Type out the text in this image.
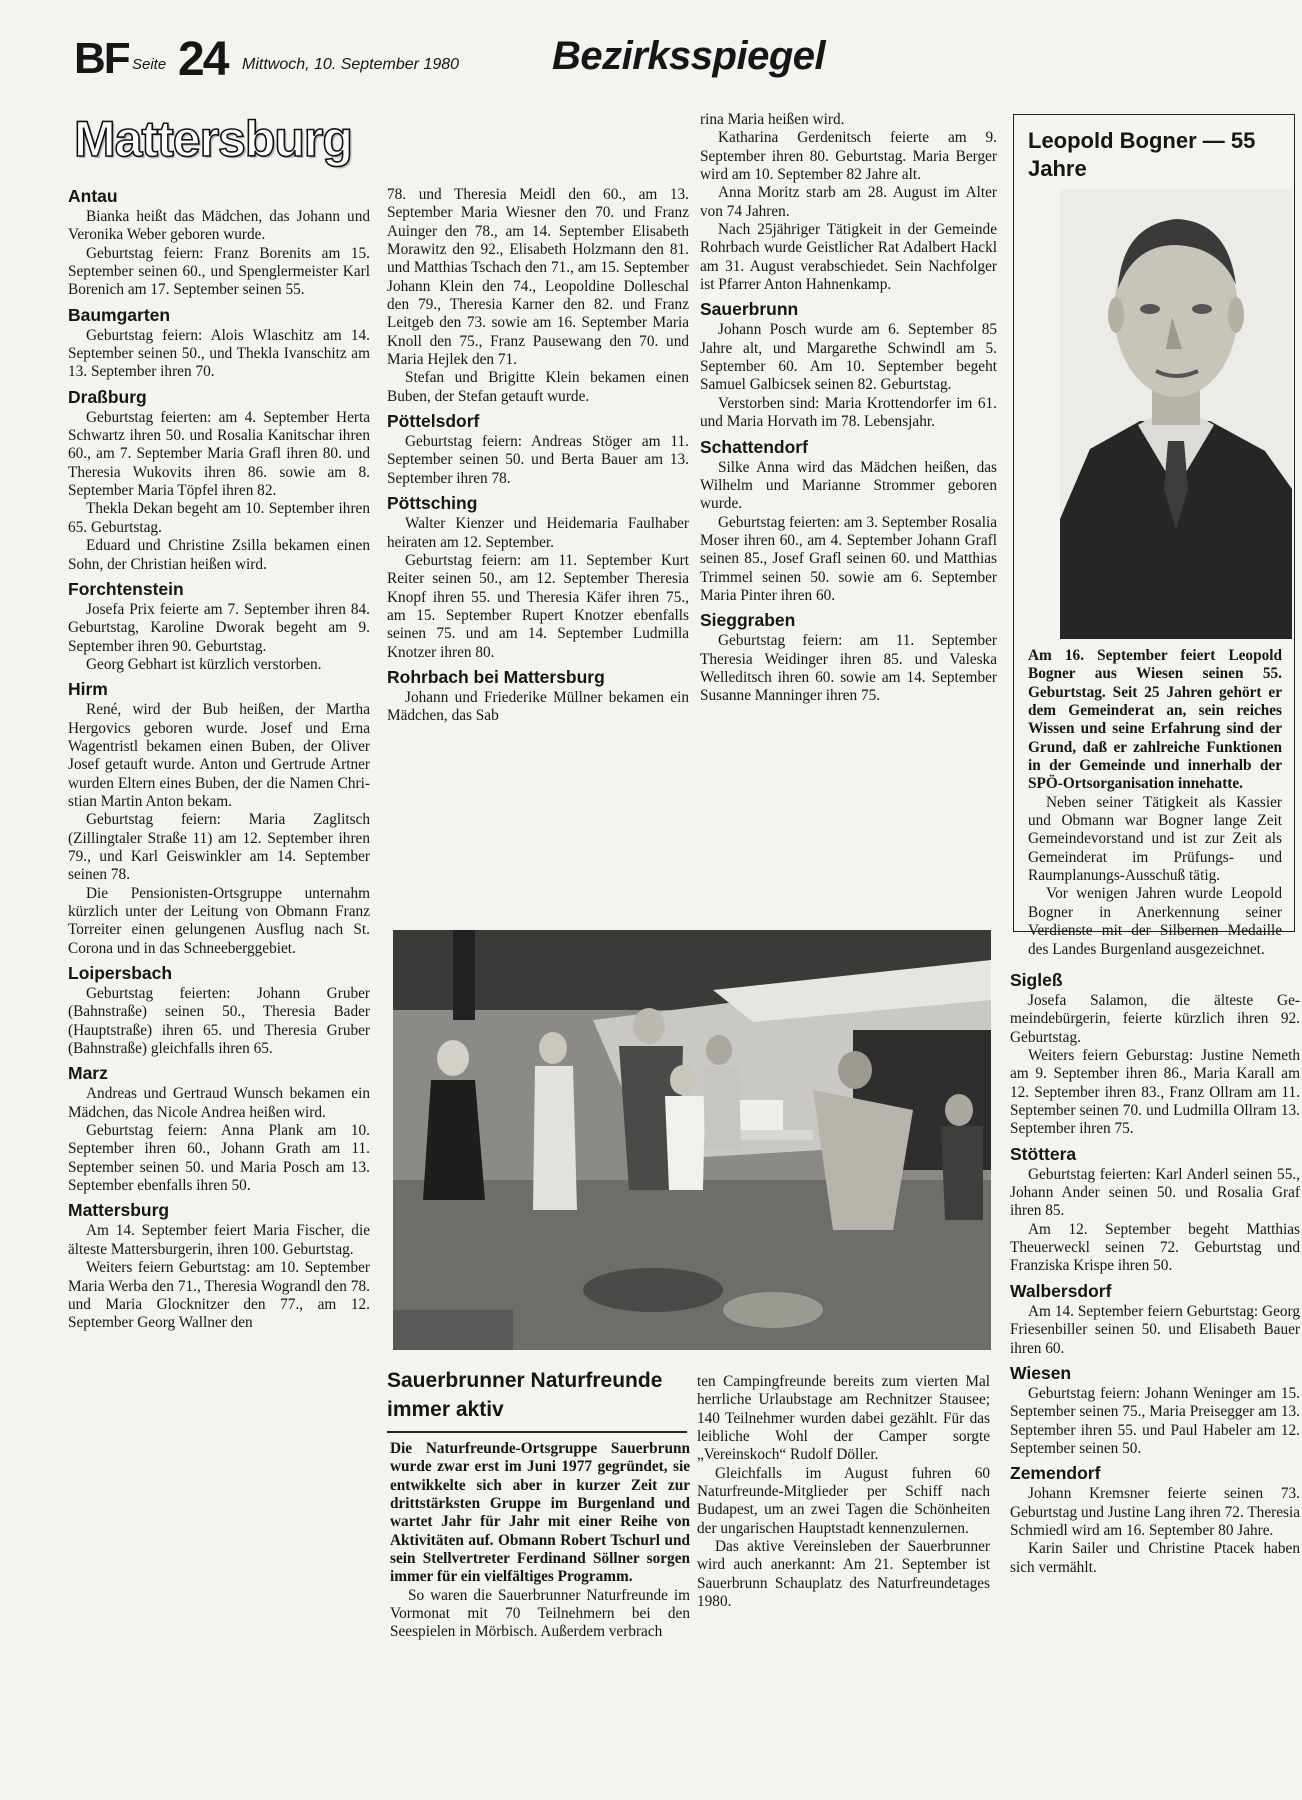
BF Seite 24 Mittwoch, 10. September 1980 Bezirksspiegel
Mattersburg
Antau

Bianka heißt das Mädchen, das Johann und Veronika Weber geboren wurde.

Geburtstag feiern: Franz Borenits am 15. September seinen 60., und Spenglermeister Karl Borenich am 17. September seinen 55.

Baumgarten

Geburtstag feiern: Alois Wlaschitz am 14. September seinen 50., und Thekla Ivanschitz am 13. September ihren 70.

Draßburg

Geburtstag feierten: am 4. September Herta Schwartz ihren 50. und Rosalia Kanitschar ihren 60., am 7. September Maria Grafl ihren 80. und Theresia Wukovits ihren 86. sowie am 8. September Maria Töpfel ihren 82.

Thekla Dekan begeht am 10. September ihren 65. Geburtstag.

Eduard und Christine Zsilla bekamen einen Sohn, der Christian heißen wird.

Forchtenstein

Josefa Prix feierte am 7. September ihren 84. Geburtstag, Karoline Dworak begeht am 9. September ihren 90. Geburtstag.

Georg Gebhart ist kürzlich verstorben.

Hirm

René, wird der Bub heißen, der Martha Hergovics geboren wurde. Josef und Erna Wagentristl bekamen einen Buben, der Oliver Josef getauft wurde. Anton und Gertrude Artner wurden Eltern eines Buben, der die Namen Christian Martin Anton bekam.

Geburtstag feiern: Maria Zaglitsch (Zillingtaler Straße 11) am 12. September ihren 79., und Karl Geiswinkler am 14. September seinen 78.

Die Pensionisten-Ortsgruppe unternahm kürzlich unter der Leitung von Obmann Franz Torreiter einen gelungenen Ausflug nach St. Corona und in das Schneeberggebiet.

Loipersbach

Geburtstag feierten: Johann Gruber (Bahnstraße) seinen 50., Theresia Bader (Hauptstraße) ihren 65. und Theresia Gruber (Bahnstraße) gleichfalls ihren 65.

Marz

Andreas und Gertraud Wunsch bekamen ein Mädchen, das Nicole Andrea heißen wird.

Geburtstag feiern: Anna Plank am 10. September ihren 60., Johann Grath am 11. September seinen 50. und Maria Posch am 13. September ebenfalls ihren 50.

Mattersburg

Am 14. September feiert Maria Fischer, die älteste Mattersburgerin, ihren 100. Geburtstag.

Weiters feiern Geburtstag: am 10. September Maria Werba den 71., Theresia Wograndl den 78. und Maria Glocknitzer den 77., am 12. September Georg Wallner den

78. und Theresia Meidl den 60., am 13. September Maria Wiesner den 70. und Franz Auinger den 78., am 14. September Elisabeth Morawitz den 92., Elisabeth Holzmann den 81. und Matthias Tschach den 71., am 15. September Johann Klein den 74., Leopoldine Dolleschal den 79., Theresia Karner den 82. und Franz Leitgeb den 73. sowie am 16. September Maria Knoll den 75., Franz Pausewang den 70. und Maria Hejlek den 71.

Stefan und Brigitte Klein bekamen einen Buben, der Stefan getauft wurde.

Pöttelsdorf

Geburtstag feiern: Andreas Stöger am 11. September seinen 50. und Berta Bauer am 13. September ihren 78.

Pöttsching

Walter Kienzer und Heidemaria Faulhaber heiraten am 12. September.

Geburtstag feiern: am 11. September Kurt Reiter seinen 50., am 12. September Theresia Knopf ihren 55. und Theresia Käfer ihren 75., am 15. September Rupert Knotzer ebenfalls seinen 75. und am 14. September Ludmilla Knotzer ihren 80.

Rohrbach bei Mattersburg

Johann und Friederike Müllner bekamen ein Mädchen, das Sab

rina Maria heißen wird.

Katharina Gerdenitsch feierte am 9. September ihren 80. Geburtstag. Maria Berger wird am 10. September 82 Jahre alt.

Anna Moritz starb am 28. August im Alter von 74 Jahren.

Nach 25jähriger Tätigkeit in der Gemeinde Rohrbach wurde Geistlicher Rat Adalbert Hackl am 31. August verabschiedet. Sein Nachfolger ist Pfarrer Anton Hahnenkamp.

Sauerbrunn

Johann Posch wurde am 6. September 85 Jahre alt, und Margarethe Schwindl am 5. September 60. Am 10. September begeht Samuel Galbicsek seinen 82. Geburtstag.

Verstorben sind: Maria Krottendorfer im 61. und Maria Horvath im 78. Lebensjahr.

Schattendorf

Silke Anna wird das Mädchen heißen, das Wilhelm und Marianne Strommer geboren wurde.

Geburtstag feierten: am 3. September Rosalia Moser ihren 60., am 4. September Johann Grafl seinen 85., Josef Grafl seinen 60. und Matthias Trimmel seinen 50. sowie am 6. September Maria Pinter ihren 60.

Sieggraben

Geburtstag feiern: am 11. September Theresia Weidinger ihren 85. und Valeska Welleditsch ihren 60. sowie am 14. September Susanne Manninger ihren 75.

Leopold Bogner — 55 Jahre

Am 16. September feiert Leopold Bogner aus Wiesen seinen 55. Geburtstag. Seit 25 Jahren gehört er dem Gemeinderat an, sein reiches Wissen und seine Erfahrung sind der Grund, daß er zahlreiche Funktionen in der Gemeinde und innerhalb der SPÖ-Ortsorganisation innehatte.

Neben seiner Tätigkeit als Kassier und Obmann war Bogner lange Zeit Gemeindevorstand und ist zur Zeit als Gemeinderat im Prüfungs- und Raumplanungs-Ausschuß tätig.

Vor wenigen Jahren wurde Leopold Bogner in Anerkennung seiner Verdienste mit der Silbernen Medaille des Landes Burgenland ausgezeichnet.

Sigleß

Josefa Salamon, die älteste Gemeindebürgerin, feierte kürzlich ihren 92. Geburtstag.

Weiters feiern Geburstag: Justine Nemeth am 9. September ihren 86., Maria Karall am 12. September ihren 83., Franz Ollram am 11. September seinen 70. und Ludmilla Ollram 13. September ihren 75.

Stöttera

Geburtstag feierten: Karl Anderl seinen 55., Johann Ander seinen 50. und Rosalia Graf ihren 85.

Am 12. September begeht Matthias Theuerweckl seinen 72. Geburtstag und Franziska Krispe ihren 50.

Walbersdorf

Am 14. September feiern Geburtstag: Georg Friesenbiller seinen 50. und Elisabeth Bauer ihren 60.

Wiesen

Geburtstag feiern: Johann Weninger am 15. September seinen 75., Maria Preisegger am 13. September ihren 55. und Paul Habeler am 12. September seinen 50.

Zemendorf

Johann Kremsner feierte seinen 73. Geburtstag und Justine Lang ihren 72. Theresia Schmiedl wird am 16. September 80 Jahre.

Karin Sailer und Christine Ptacek haben sich vermählt.

Sauerbrunner Naturfreunde immer aktiv

Die Naturfreunde-Ortsgruppe Sauerbrunn wurde zwar erst im Juni 1977 gegründet, sie entwikkelte sich aber in kurzer Zeit zur drittstärksten Gruppe im Burgenland und wartet Jahr für Jahr mit einer Reihe von Aktivitäten auf. Obmann Robert Tschurl und sein Stellvertreter Ferdinand Söllner sorgen immer für ein vielfältiges Programm.

So waren die Sauerbrunner Naturfreunde im Vormonat mit 70 Teilnehmern bei den Seespielen in Mörbisch. Außerdem verbrach

ten Campingfreunde bereits zum vierten Mal herrliche Urlaubstage am Rechnitzer Stausee; 140 Teilnehmer wurden dabei gezählt. Für das leibliche Wohl der Camper sorgte „Vereinskoch“ Rudolf Döller.

Gleichfalls im August fuhren 60 Naturfreunde-Mitglieder per Schiff nach Budapest, um an zwei Tagen die Schönheiten der ungarischen Hauptstadt kennenzulernen.

Das aktive Vereinsleben der Sauerbrunner wird auch anerkannt: Am 21. September ist Sauerbrunn Schauplatz des Naturfreundetages 1980.
